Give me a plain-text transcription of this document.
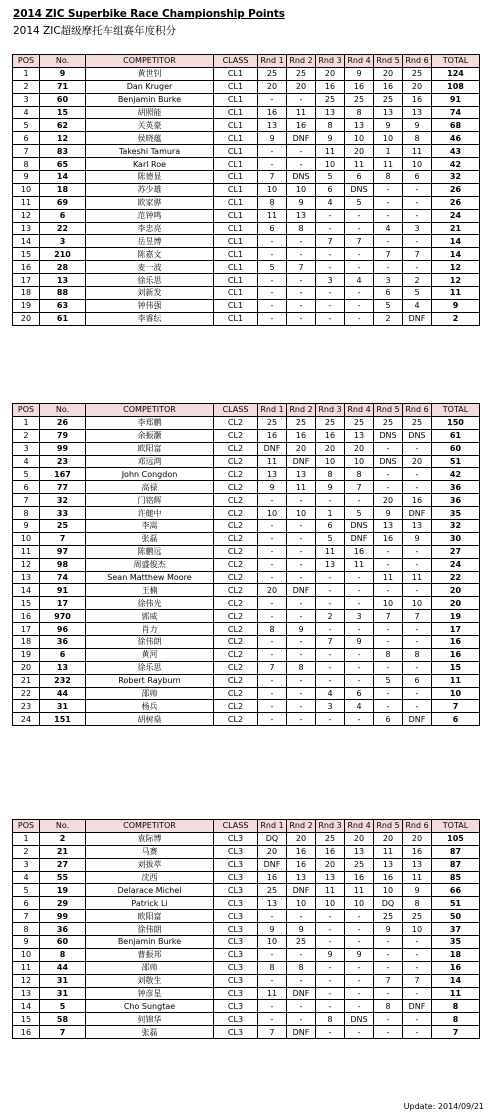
2014 ZIC Superbike Race Championship Points
2014 ZIC超级摩托车组赛年度积分
POS	No.	COMPETITOR	CLASS	Rnd 1	Rnd 2	Rnd 3	Rnd 4	Rnd 5	Rnd 6	TOTAL
1	9	黄世钊	CL1	25	25	20	9	20	25	124
2	71	Dan Kruger	CL1	20	20	16	16	16	20	108
3	60	Benjamin Burke	CL1	-	-	25	25	25	16	91
4	15	胡照能	CL1	16	11	13	8	13	13	74
5	62	关英豪	CL1	13	16	8	13	9	9	68
6	12	侯晓蕴	CL1	9	DNF	9	10	10	8	46
7	83	Takeshi Tamura	CL1	-	-	11	20	1	11	43
8	65	Karl Roe	CL1	-	-	10	11	11	10	42
9	14	陈德显	CL1	7	DNS	5	6	8	6	32
10	18	苏少雄	CL1	10	10	6	DNS	-	-	26
11	69	欧家骅	CL1	8	9	4	5	-	-	26
12	6	范钟鸣	CL1	11	13	-	-	-	-	24
13	22	李忠亮	CL1	6	8	-	-	4	3	21
14	3	岳昱博	CL1	-	-	7	7	-	-	14
15	210	陈嘉文	CL1	-	-	-	-	7	7	14
16	28	麦一波	CL1	5	7	-	-	-	-	12
17	13	徐乐思	CL1	-	-	3	4	3	2	12
18	88	刘新发	CL1	-	-	-	-	6	5	11
19	63	钟伟强	CL1	-	-	-	-	5	4	9
20	61	李睿纭	CL1	-	-	-	-	2	DNF	2
POS	No.	COMPETITOR	CLASS	Rnd 1	Rnd 2	Rnd 3	Rnd 4	Rnd 5	Rnd 6	TOTAL
1	26	李郑鹏	CL2	25	25	25	25	25	25	150
2	79	余振灏	CL2	16	16	16	13	DNS	DNS	61
3	99	欧阳富	CL2	DNF	20	20	20	-	-	60
4	23	邓远鸿	CL2	11	DNF	10	10	DNS	20	51
5	167	John Congdon	CL2	13	13	8	8	-	-	42
6	77	高禄	CL2	9	11	9	7	-	-	36
7	32	门铭辉	CL2	-	-	-	-	20	16	36
8	33	许健中	CL2	10	10	1	5	9	DNF	35
9	25	李嵩	CL2	-	-	6	DNS	13	13	32
10	7	张磊	CL2	-	-	5	DNF	16	9	30
11	97	陈鹏远	CL2	-	-	11	16	-	-	27
12	98	周盛俊杰	CL2	-	-	13	11	-	-	24
13	74	Sean Matthew Moore	CL2	-	-	-	-	11	11	22
14	91	王楠	CL2	20	DNF	-	-	-	-	20
15	17	徐伟光	CL2	-	-	-	-	10	10	20
16	970	郭威	CL2	-	-	2	3	7	7	19
17	96	肖力	CL2	8	9	-	-	-	-	17
18	36	徐伟朗	CL2	-	-	7	9	-	-	16
19	6	黄河	CL2	-	-	-	-	8	8	16
20	13	徐乐思	CL2	7	8	-	-	-	-	15
21	232	Robert Rayburn	CL2	-	-	-	-	5	6	11
22	44	邵帅	CL2	-	-	4	6	-	-	10
23	31	杨兵	CL2	-	-	3	4	-	-	7
24	151	胡树燊	CL2	-	-	-	-	6	DNF	6
POS	No.	COMPETITOR	CLASS	Rnd 1	Rnd 2	Rnd 3	Rnd 4	Rnd 5	Rnd 6	TOTAL
1	2	袁际博	CL3	DQ	20	25	20	20	20	105
2	21	马赛	CL3	20	16	16	13	11	16	87
3	27	刘拔萃	CL3	DNF	16	20	25	13	13	87
4	55	沈西	CL3	16	13	13	16	16	11	85
5	19	Delarace Michel	CL3	25	DNF	11	11	10	9	66
6	29	Patrick Li	CL3	13	10	10	10	DQ	8	51
7	99	欧阳富	CL3	-	-	-	-	25	25	50
8	36	徐伟朗	CL3	9	9	-	-	9	10	37
9	60	Benjamin Burke	CL3	10	25	-	-	-	-	35
10	8	曹振邦	CL3	-	-	9	9	-	-	18
11	44	邵帅	CL3	8	8	-	-	-	-	16
12	31	刘敬生	CL3	-	-	-	-	7	7	14
13	31	钟彦星	CL3	11	DNF	-	-	-	-	11
14	5	Cho Sungtae	CL3	-	-	-	-	8	DNF	8
15	58	何锦华	CL3	-	-	8	DNS	-	-	8
16	7	张磊	CL3	7	DNF	-	-	-	-	7
Update: 2014/09/21
